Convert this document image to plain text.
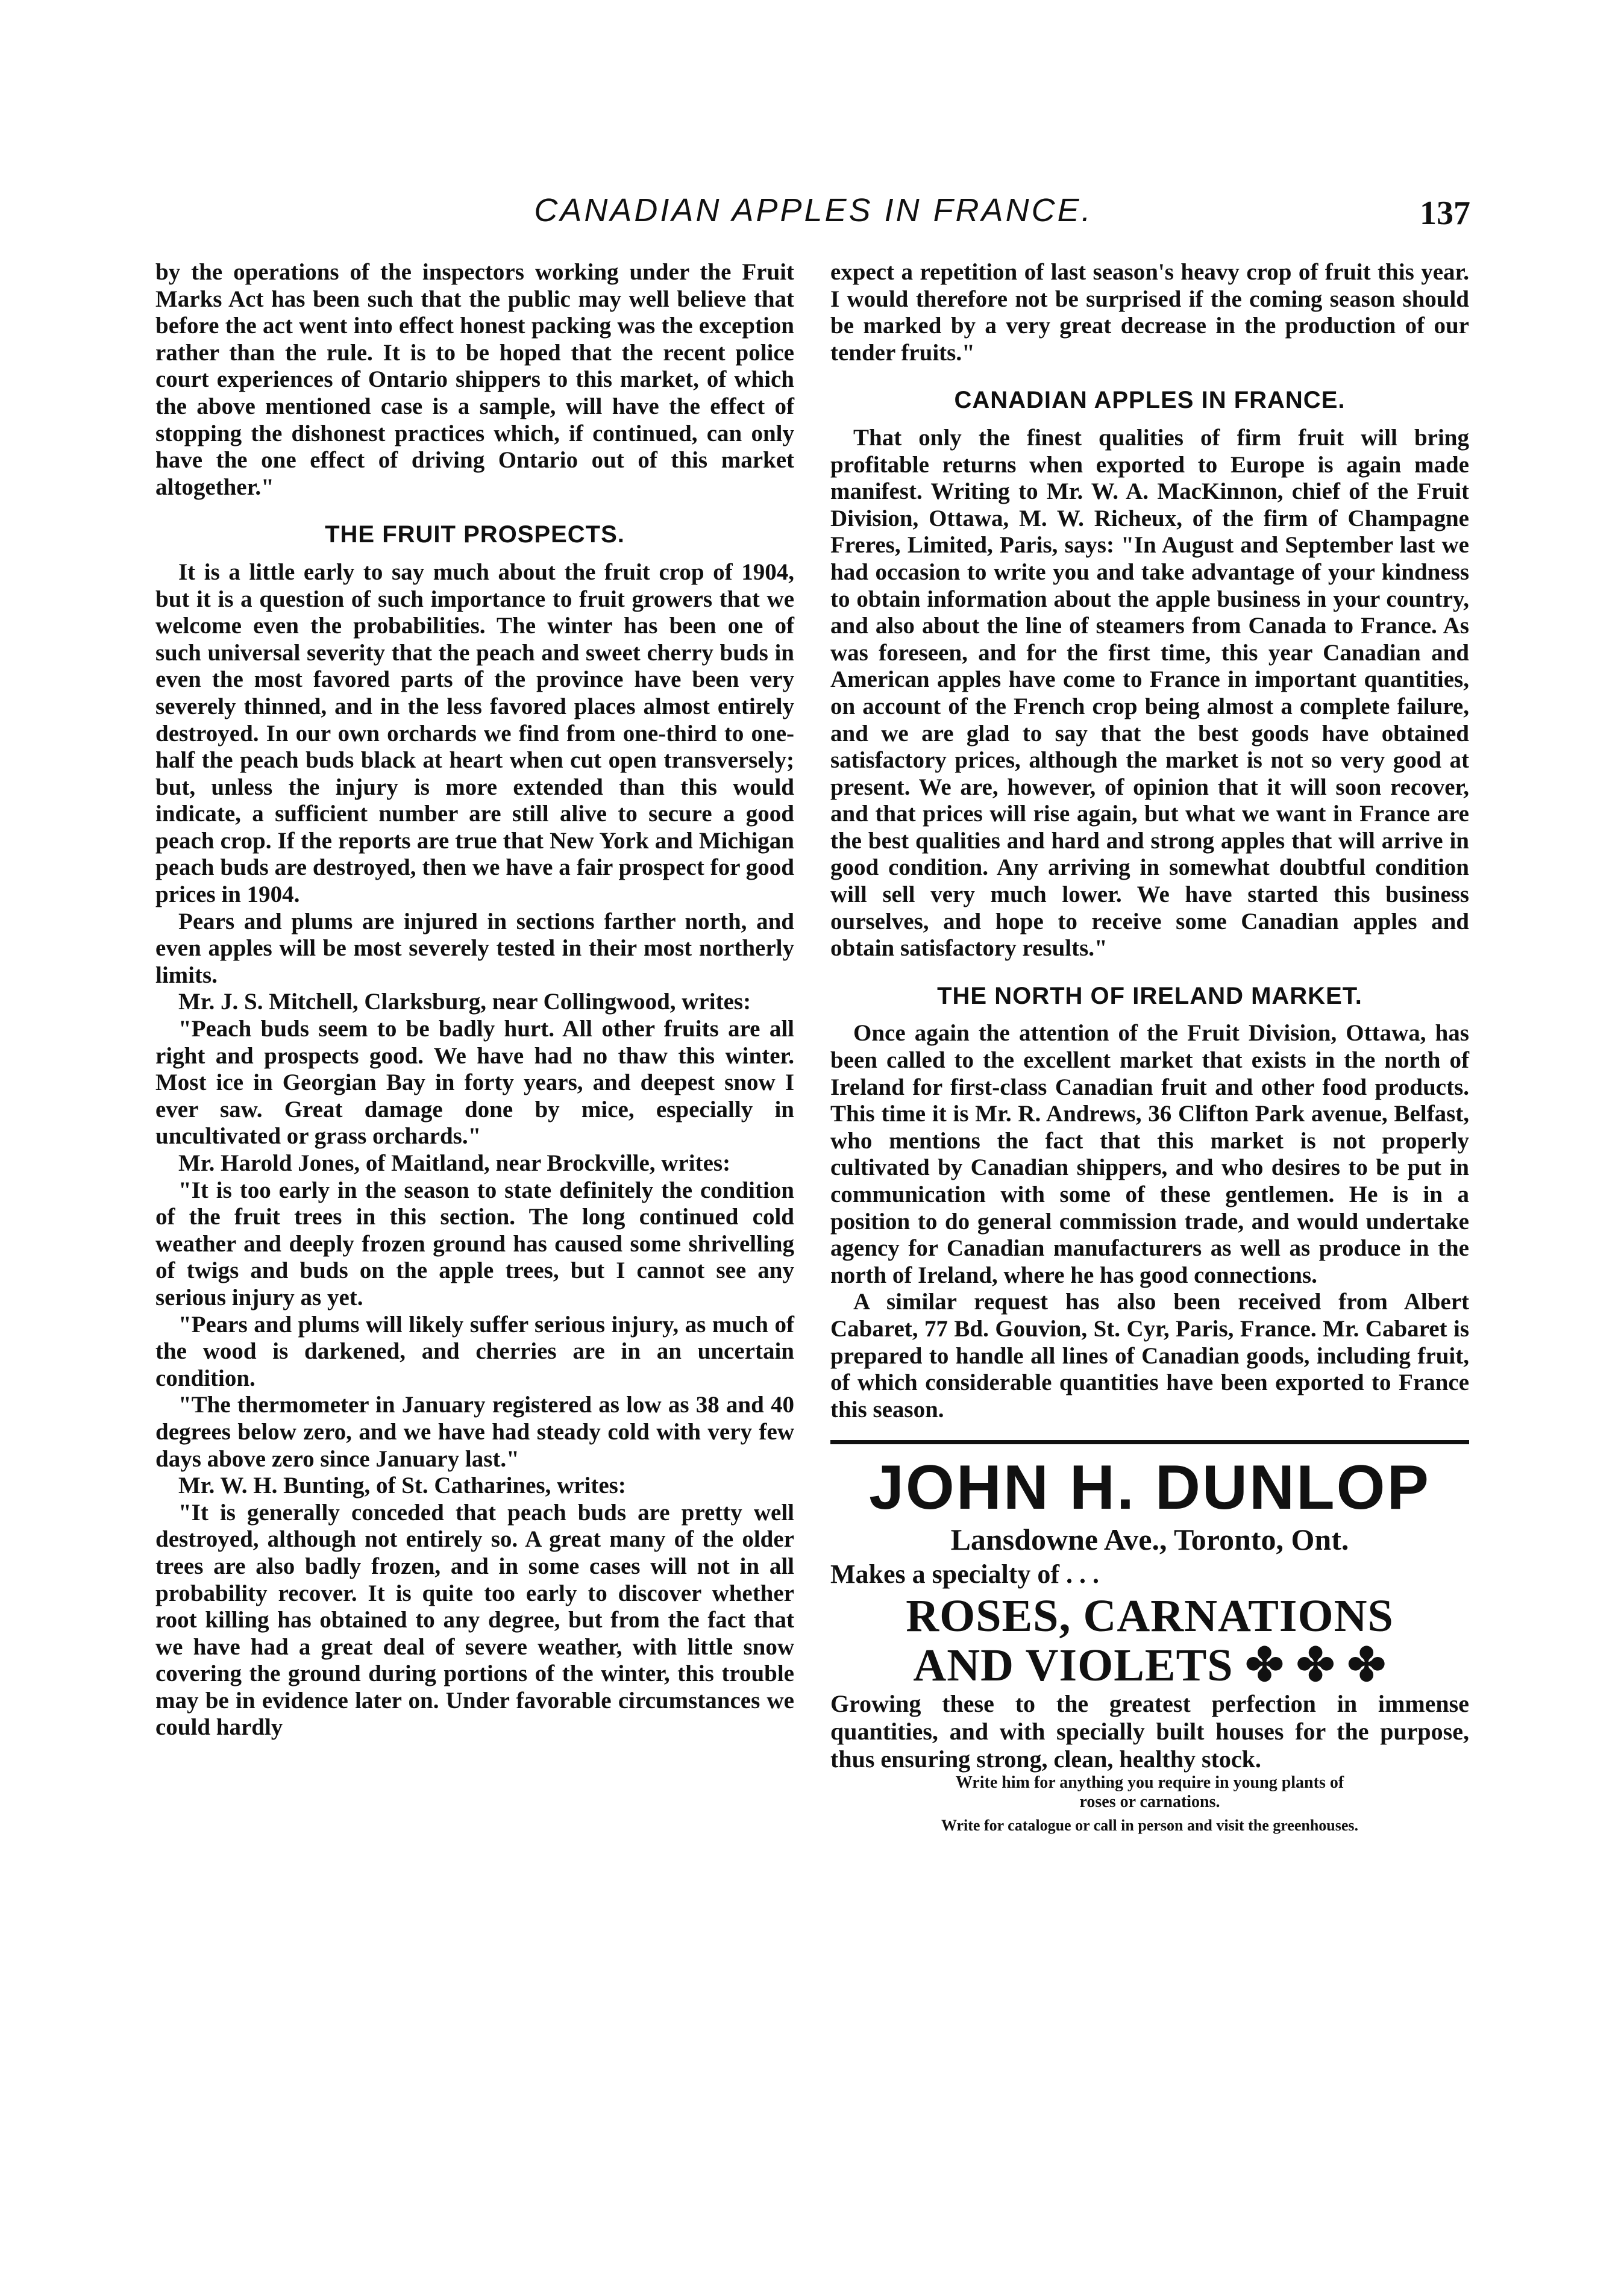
CANADIAN APPLES IN FRANCE.	137

by the operations of the inspectors working under the Fruit Marks Act has been such that the public may well believe that before the act went into effect honest packing was the exception rather than the rule. It is to be hoped that the recent police court experiences of Ontario shippers to this market, of which the above mentioned case is a sample, will have the effect of stopping the dishonest practices which, if continued, can only have the one effect of driving Ontario out of this market altogether."

THE FRUIT PROSPECTS.

It is a little early to say much about the fruit crop of 1904, but it is a question of such importance to fruit growers that we welcome even the probabilities. The winter has been one of such universal severity that the peach and sweet cherry buds in even the most favored parts of the province have been very severely thinned, and in the less favored places almost entirely destroyed. In our own orchards we find from one-third to one-half the peach buds black at heart when cut open transversely; but, unless the injury is more extended than this would indicate, a sufficient number are still alive to secure a good peach crop. If the reports are true that New York and Michigan peach buds are destroyed, then we have a fair prospect for good prices in 1904.

Pears and plums are injured in sections farther north, and even apples will be most severely tested in their most northerly limits.

Mr. J. S. Mitchell, Clarksburg, near Collingwood, writes:

"Peach buds seem to be badly hurt. All other fruits are all right and prospects good. We have had no thaw this winter. Most ice in Georgian Bay in forty years, and deepest snow I ever saw. Great damage done by mice, especially in uncultivated or grass orchards."

Mr. Harold Jones, of Maitland, near Brockville, writes:

"It is too early in the season to state definitely the condition of the fruit trees in this section. The long continued cold weather and deeply frozen ground has caused some shrivelling of twigs and buds on the apple trees, but I cannot see any serious injury as yet.

"Pears and plums will likely suffer serious injury, as much of the wood is darkened, and cherries are in an uncertain condition.

"The thermometer in January registered as low as 38 and 40 degrees below zero, and we have had steady cold with very few days above zero since January last."

Mr. W. H. Bunting, of St. Catharines, writes:

"It is generally conceded that peach buds are pretty well destroyed, although not entirely so. A great many of the older trees are also badly frozen, and in some cases will not in all probability recover. It is quite too early to discover whether root killing has obtained to any degree, but from the fact that we have had a great deal of severe weather, with little snow covering the ground during portions of the winter, this trouble may be in evidence later on. Under favorable circumstances we could hardly

expect a repetition of last season's heavy crop of fruit this year. I would therefore not be surprised if the coming season should be marked by a very great decrease in the production of our tender fruits."

CANADIAN APPLES IN FRANCE.

That only the finest qualities of firm fruit will bring profitable returns when exported to Europe is again made manifest. Writing to Mr. W. A. MacKinnon, chief of the Fruit Division, Ottawa, M. W. Richeux, of the firm of Champagne Freres, Limited, Paris, says: "In August and September last we had occasion to write you and take advantage of your kindness to obtain information about the apple business in your country, and also about the line of steamers from Canada to France. As was foreseen, and for the first time, this year Canadian and American apples have come to France in important quantities, on account of the French crop being almost a complete failure, and we are glad to say that the best goods have obtained satisfactory prices, although the market is not so very good at present. We are, however, of opinion that it will soon recover, and that prices will rise again, but what we want in France are the best qualities and hard and strong apples that will arrive in good condition. Any arriving in somewhat doubtful condition will sell very much lower. We have started this business ourselves, and hope to receive some Canadian apples and obtain satisfactory results."

THE NORTH OF IRELAND MARKET.

Once again the attention of the Fruit Division, Ottawa, has been called to the excellent market that exists in the north of Ireland for first-class Canadian fruit and other food products. This time it is Mr. R. Andrews, 36 Clifton Park avenue, Belfast, who mentions the fact that this market is not properly cultivated by Canadian shippers, and who desires to be put in communication with some of these gentlemen. He is in a position to do general commission trade, and would undertake agency for Canadian manufacturers as well as produce in the north of Ireland, where he has good connections.

A similar request has also been received from Albert Cabaret, 77 Bd. Gouvion, St. Cyr, Paris, France. Mr. Cabaret is prepared to handle all lines of Canadian goods, including fruit, of which considerable quantities have been exported to France this season.

JOHN H. DUNLOP
Lansdowne Ave., Toronto, Ont.
Makes a specialty of . . .
ROSES, CARNATIONS
AND VIOLETS ✤ ✤ ✤
Growing these to the greatest perfection in immense quantities, and with specially built houses for the purpose, thus ensuring strong, clean, healthy stock.
Write him for anything you require in young plants of
roses or carnations.
Write for catalogue or call in person and visit the greenhouses.
